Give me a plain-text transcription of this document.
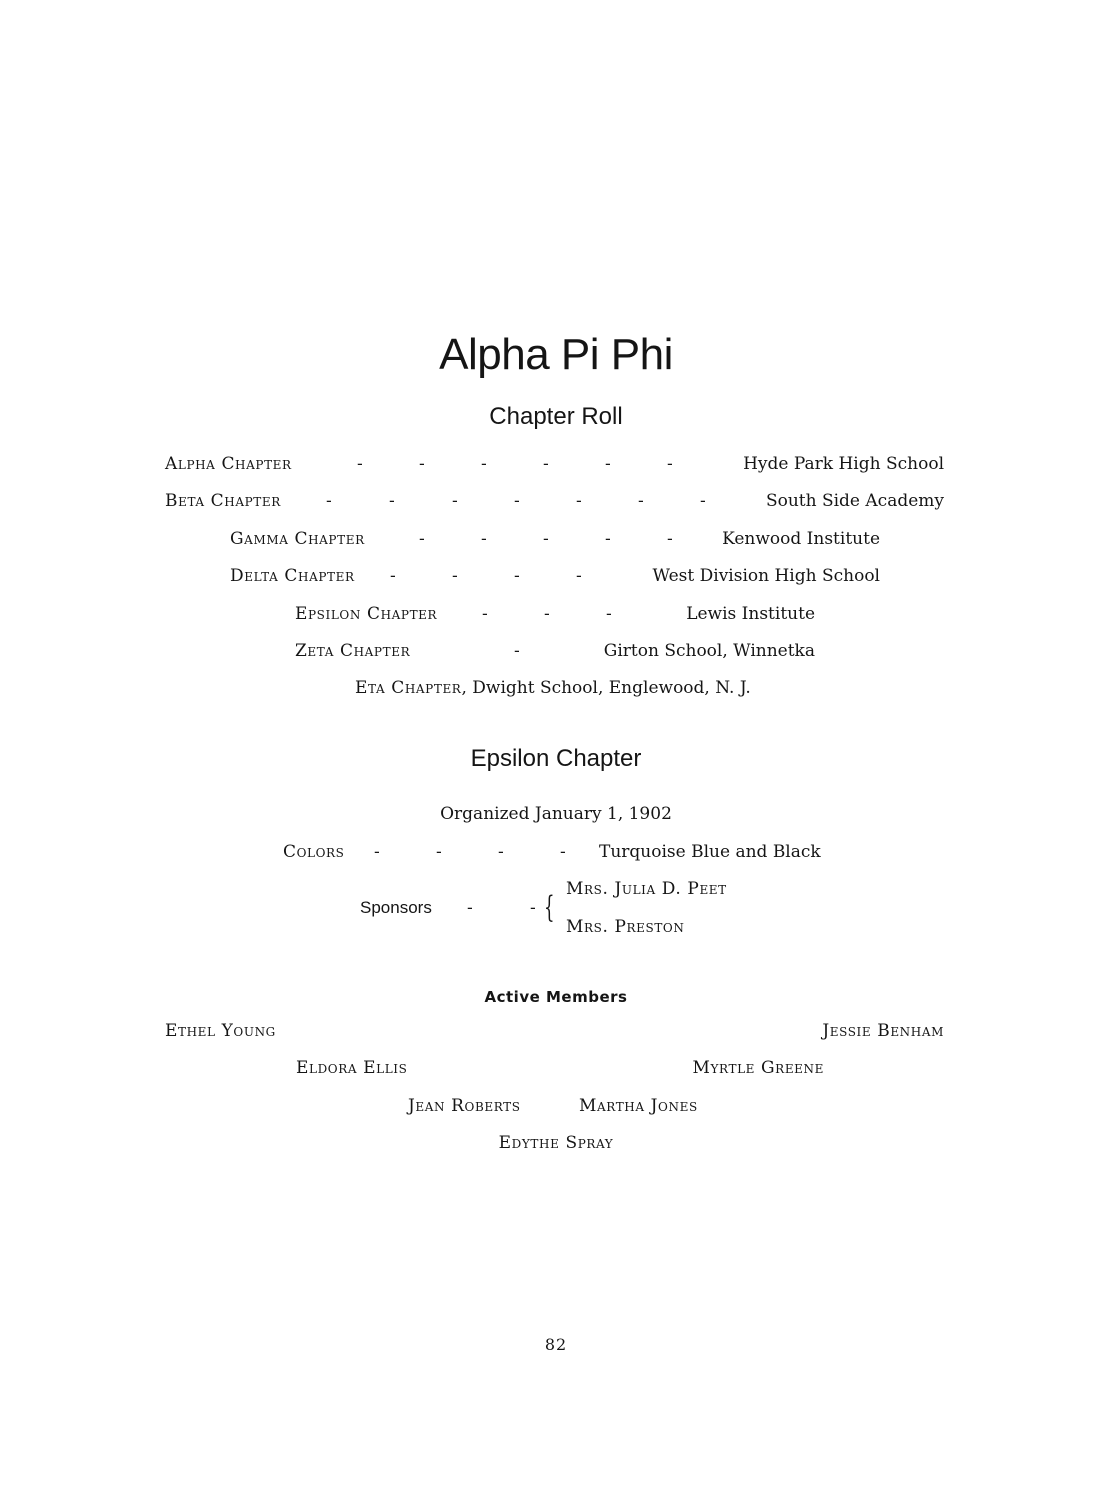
Alpha Pi Phi
Chapter Roll
Alpha Chapter	-	-	-	-	-	-	Hyde Park High School
Beta Chapter	-	-	-	-	-	-	-	South Side Academy
Gamma Chapter	-	-	-	-	-	Kenwood Institute
Delta Chapter -	-	-	-	West Division High School
Epsilon Chapter	-	-	-	Lewis Institute
Zeta Chapter	-	Girton School, Winnetka
Eta Chapter, Dwight School, Englewood, N. J.
Epsilon Chapter
Organized January 1, 1902
Colors -	-	-	- Turquoise Blue and Black
Sponsors -	- {
Mrs. Julia D. Peet
Mrs. Preston
Active Members
Ethel Young	Jessie Benham
Eldora Ellis	Myrtle Greene
Jean Roberts	Martha Jones
Edythe Spray
82
